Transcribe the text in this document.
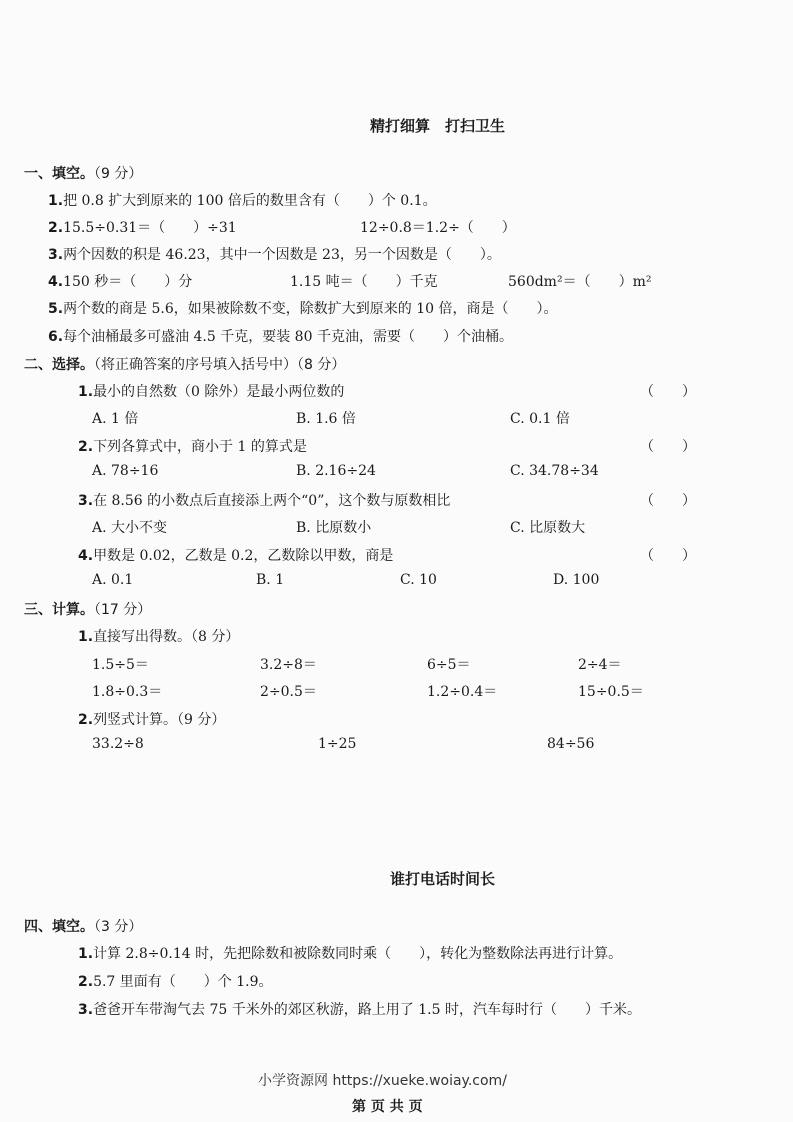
精打细算　打扫卫生
一、填空。（9 分）
1.把 0.8 扩大到原来的 100 倍后的数里含有（　　）个 0.1。
2.15.5÷0.31＝（　　）÷31	12÷0.8＝1.2÷（　　）
3.两个因数的积是 46.23，其中一个因数是 23，另一个因数是（　　）。
4.150 秒＝（　　）分	1.15 吨＝（　　）千克	560dm²＝（　　）m²
5.两个数的商是 5.6，如果被除数不变，除数扩大到原来的 10 倍，商是（　　）。
6.每个油桶最多可盛油 4.5 千克，要装 80 千克油，需要（　　）个油桶。
二、选择。（将正确答案的序号填入括号中）（8 分）
1.最小的自然数（0 除外）是最小两位数的	（　　）
A. 1 倍	B. 1.6 倍	C. 0.1 倍
2.下列各算式中，商小于 1 的算式是	（　　）
A. 78÷16	B. 2.16÷24	C. 34.78÷34
3.在 8.56 的小数点后直接添上两个“0”，这个数与原数相比	（　　）
A. 大小不变	B. 比原数小	C. 比原数大
4.甲数是 0.02，乙数是 0.2，乙数除以甲数，商是	（　　）
A. 0.1	B. 1	C. 10	D. 100
三、计算。（17 分）
1.直接写出得数。（8 分）
1.5÷5＝	3.2÷8＝	6÷5＝	2÷4＝
1.8÷0.3＝	2÷0.5＝	1.2÷0.4＝	15÷0.5＝
2.列竖式计算。（9 分）
33.2÷8	1÷25	84÷56
谁打电话时间长
四、填空。（3 分）
1.计算 2.8÷0.14 时，先把除数和被除数同时乘（　　），转化为整数除法再进行计算。
2.5.7 里面有（　　）个 1.9。
3.爸爸开车带淘气去 75 千米外的郊区秋游，路上用了 1.5 时，汽车每时行（　　）千米。
小学资源网 https://xueke.woiay.com/
第 页 共 页
